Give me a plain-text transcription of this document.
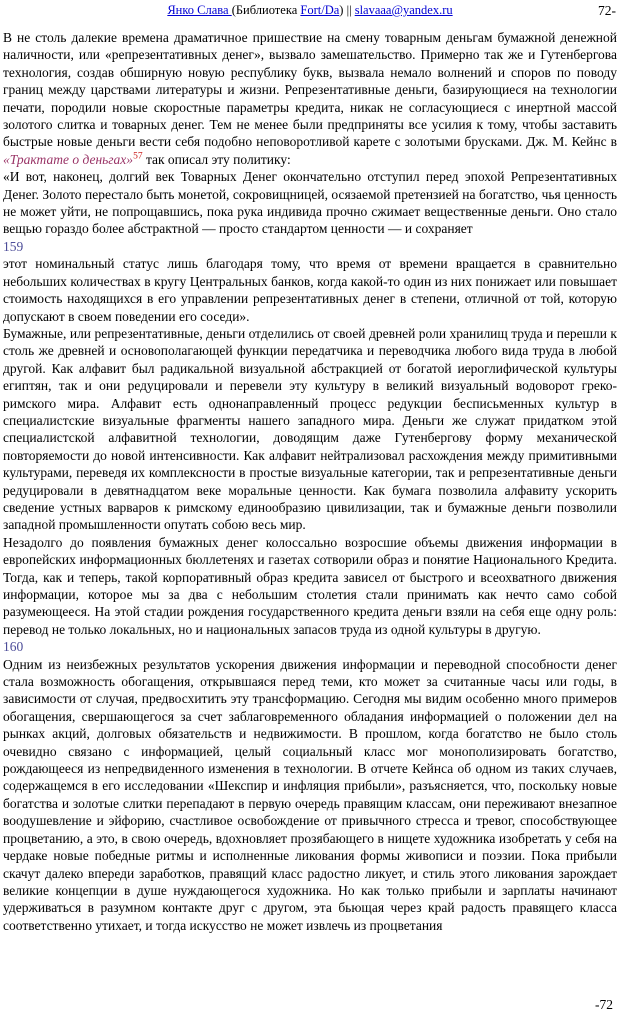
Янко Слава (Библиотека Fort/Da) || slavaaa@yandex.ru	72-

В не столь далекие времена драматичное пришествие на смену товарным деньгам бумажной денежной наличности, или «репрезентативных денег», вызвало замешательство. Примерно так же и Гутенбергова технология, создав обширную новую республику букв, вызвала немало волнений и споров по поводу границ между царствами литературы и жизни. Репрезентативные деньги, базирующиеся на технологии печати, породили новые скоростные параметры кредита, никак не согласующиеся с инертной массой золотого слитка и товарных денег. Тем не менее были предприняты все усилия к тому, чтобы заставить быстрые новые деньги вести себя подобно неповоротливой карете с золотыми брусками. Дж. М. Кейнс в «Трактате о деньгах»$^{57}$ так описал эту политику:

«И вот, наконец, долгий век Товарных Денег окончательно отступил перед эпохой Репрезентативных Денег. Золото перестало быть монетой, сокровищницей, осязаемой претензией на богатство, чья ценность не может уйти, не попрощавшись, пока рука индивида прочно сжимает вещественные деньги. Оно стало вещью гораздо более абстрактной — просто стандартом ценности — и сохраняет

159

этот номинальный статус лишь благодаря тому, что время от времени вращается в сравнительно небольших количествах в кругу Центральных банков, когда какой-то один из них понижает или повышает стоимость находящихся в его управлении репрезентативных денег в степени, отличной от той, которую допускают в своем поведении его соседи».

Бумажные, или репрезентативные, деньги отделились от своей древней роли хранилищ труда и перешли к столь же древней и основополагающей функции передатчика и переводчика любого вида труда в любой другой. Как алфавит был радикальной визуальной абстракцией от богатой иероглифической культуры египтян, так и они редуцировали и перевели эту культуру в великий визуальный водоворот греко-римского мира. Алфавит есть однонаправленный процесс редукции бесписьменных культур в специалистские визуальные фрагменты нашего западного мира. Деньги же служат придатком этой специалистской алфавитной технологии, доводящим даже Гутенбергову форму механической повторяемости до новой интенсивности. Как алфавит нейтрализовал расхождения между примитивными культурами, переведя их комплексности в простые визуальные категории, так и репрезентативные деньги редуцировали в девятнадцатом веке моральные ценности. Как бумага позволила алфавиту ускорить сведение устных варваров к римскому единообразию цивилизации, так и бумажные деньги позволили западной промышленности опутать собою весь мир.

Незадолго до появления бумажных денег колоссально возросшие объемы движения информации в европейских информационных бюллетенях и газетах сотворили образ и понятие Национального Кредита. Тогда, как и теперь, такой корпоративный образ кредита зависел от быстрого и всеохватного движения информации, которое мы за два с небольшим столетия стали принимать как нечто само собой разумеющееся. На этой стадии рождения государственного кредита деньги взяли на себя еще одну роль: перевод не только локальных, но и национальных запасов труда из одной культуры в другую.

160

Одним из неизбежных результатов ускорения движения информации и переводной способности денег стала возможность обогащения, открывшаяся перед теми, кто может за считанные часы или годы, в зависимости от случая, предвосхитить эту трансформацию. Сегодня мы видим особенно много примеров обогащения, свершающегося за счет заблаговременного обладания информацией о положении дел на рынках акций, долговых обязательств и недвижимости. В прошлом, когда богатство не было столь очевидно связано с информацией, целый социальный класс мог монополизировать богатство, рождающееся из непредвиденного изменения в технологии. В отчете Кейнса об одном из таких случаев, содержащемся в его исследовании «Шекспир и инфляция прибыли», разъясняется, что, поскольку новые богатства и золотые слитки перепадают в первую очередь правящим классам, они переживают внезапное воодушевление и эйфорию, счастливое освобождение от привычного стресса и тревог, способствующее процветанию, а это, в свою очередь, вдохновляет прозябающего в нищете художника изобретать у себя на чердаке новые победные ритмы и исполненные ликования формы живописи и поэзии. Пока прибыли скачут далеко впереди заработков, правящий класс радостно ликует, и стиль этого ликования зарождает великие концепции в душе нуждающегося художника. Но как только прибыли и зарплаты начинают удерживаться в разумном контакте друг с другом, эта бьющая через край радость правящего класса соответственно утихает, и тогда искусство не может извлечь из процветания

-72
